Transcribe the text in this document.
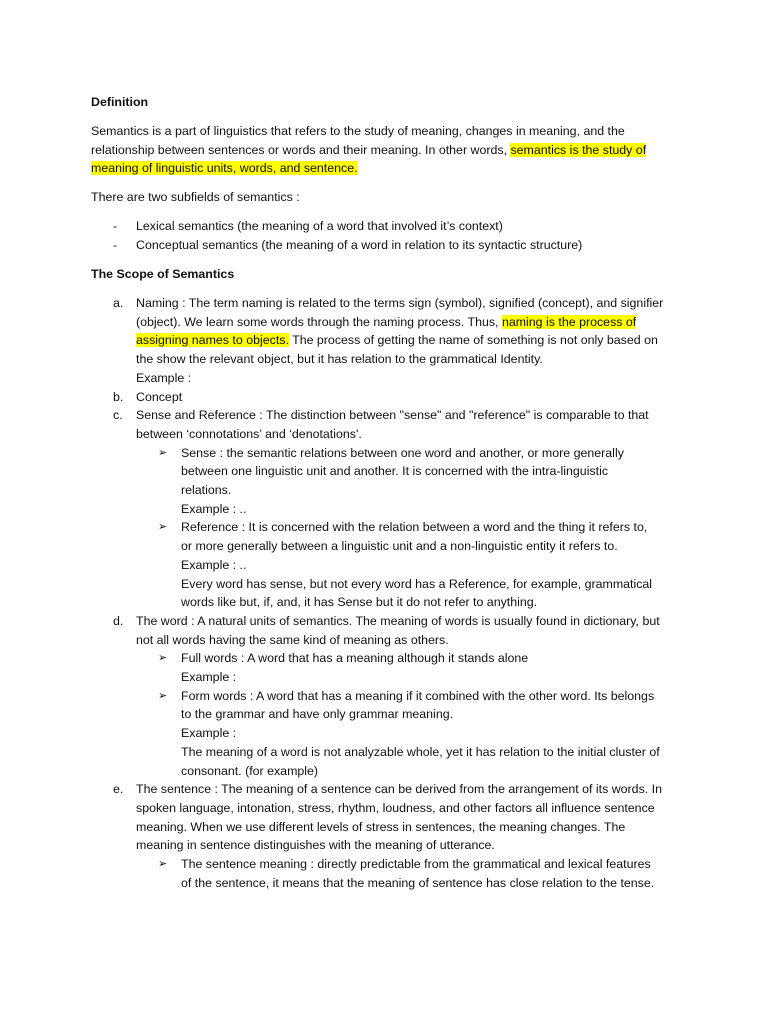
Definition
Semantics is a part of linguistics that refers to the study of meaning, changes in meaning, and the
relationship between sentences or words and their meaning. In other words, semantics is the study of
meaning of linguistic units, words, and sentence.
There are two subfields of semantics :
- Lexical semantics (the meaning of a word that involved it’s context)
- Conceptual semantics (the meaning of a word in relation to its syntactic structure)
The Scope of Semantics
a. Naming : The term naming is related to the terms sign (symbol), signified (concept), and signifier
(object). We learn some words through the naming process. Thus, naming is the process of
assigning names to objects. The process of getting the name of something is not only based on
the show the relevant object, but it has relation to the grammatical Identity.
Example :
b. Concept
c. Sense and Reference : The distinction between "sense" and "reference" is comparable to that
between ‘connotations’ and ‘denotations'.
➢ Sense : the semantic relations between one word and another, or more generally
between one linguistic unit and another. It is concerned with the intra-linguistic
relations.
Example : ..
➢ Reference : It is concerned with the relation between a word and the thing it refers to,
or more generally between a linguistic unit and a non-linguistic entity it refers to.
Example : ..
Every word has sense, but not every word has a Reference, for example, grammatical
words like but, if, and, it has Sense but it do not refer to anything.
d. The word : A natural units of semantics. The meaning of words is usually found in dictionary, but
not all words having the same kind of meaning as others.
➢ Full words : A word that has a meaning although it stands alone
Example :
➢ Form words : A word that has a meaning if it combined with the other word. Its belongs
to the grammar and have only grammar meaning.
Example :
The meaning of a word is not analyzable whole, yet it has relation to the initial cluster of
consonant. (for example)
e. The sentence : The meaning of a sentence can be derived from the arrangement of its words. In
spoken language, intonation, stress, rhythm, loudness, and other factors all influence sentence
meaning. When we use different levels of stress in sentences, the meaning changes. The
meaning in sentence distinguishes with the meaning of utterance.
➢ The sentence meaning : directly predictable from the grammatical and lexical features
of the sentence, it means that the meaning of sentence has close relation to the tense.
